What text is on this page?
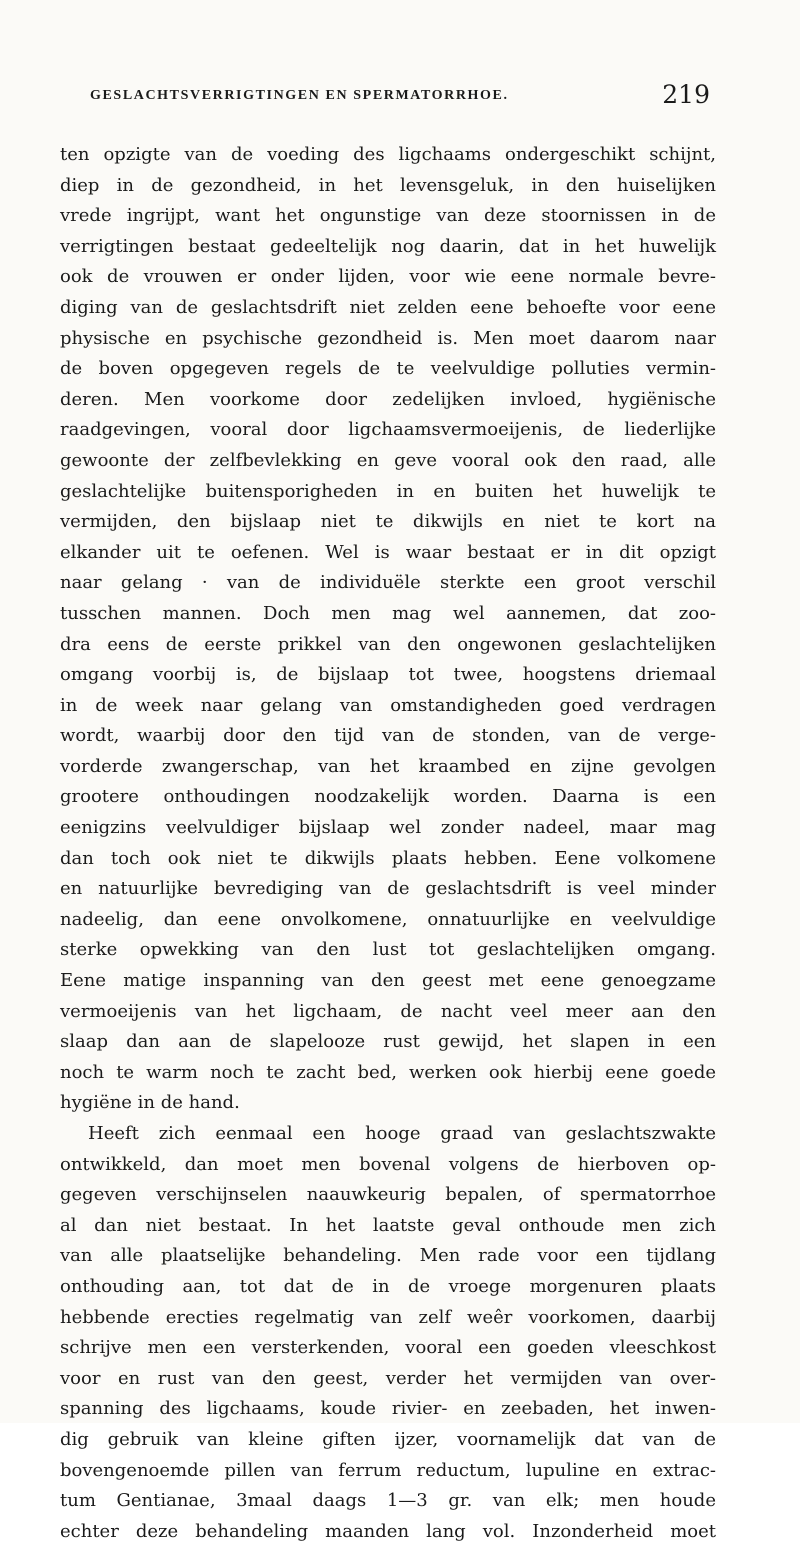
GESLACHTSVERRIGTINGEN EN SPERMATORRHOE.	219
ten opzigte van de voeding des ligchaams ondergeschikt schijnt,
diep in de gezondheid, in het levensgeluk, in den huiselijken
vrede ingrijpt, want het ongunstige van deze stoornissen in de
verrigtingen bestaat gedeeltelijk nog daarin, dat in het huwelijk
ook de vrouwen er onder lijden, voor wie eene normale bevre-
diging van de geslachtsdrift niet zelden eene behoefte voor eene
physische en psychische gezondheid is. Men moet daarom naar
de boven opgegeven regels de te veelvuldige polluties vermin-
deren. Men voorkome door zedelijken invloed, hygiënische
raadgevingen, vooral door ligchaamsvermoeijenis, de liederlijke
gewoonte der zelfbevlekking en geve vooral ook den raad, alle
geslachtelijke buitensporigheden in en buiten het huwelijk te
vermijden, den bijslaap niet te dikwijls en niet te kort na
elkander uit te oefenen. Wel is waar bestaat er in dit opzigt
naar gelang · van de individuële sterkte een groot verschil
tusschen mannen. Doch men mag wel aannemen, dat zoo-
dra eens de eerste prikkel van den ongewonen geslachtelijken
omgang voorbij is, de bijslaap tot twee, hoogstens driemaal
in de week naar gelang van omstandigheden goed verdragen
wordt, waarbij door den tijd van de stonden, van de verge-
vorderde zwangerschap, van het kraambed en zijne gevolgen
grootere onthoudingen noodzakelijk worden. Daarna is een
eenigzins veelvuldiger bijslaap wel zonder nadeel, maar mag
dan toch ook niet te dikwijls plaats hebben. Eene volkomene
en natuurlijke bevrediging van de geslachtsdrift is veel minder
nadeelig, dan eene onvolkomene, onnatuurlijke en veelvuldige
sterke opwekking van den lust tot geslachtelijken omgang.
Eene matige inspanning van den geest met eene genoegzame
vermoeijenis van het ligchaam, de nacht veel meer aan den
slaap dan aan de slapelooze rust gewijd, het slapen in een
noch te warm noch te zacht bed, werken ook hierbij eene goede
hygiëne in de hand.
Heeft zich eenmaal een hooge graad van geslachtszwakte
ontwikkeld, dan moet men bovenal volgens de hierboven op-
gegeven verschijnselen naauwkeurig bepalen, of spermatorrhoe
al dan niet bestaat. In het laatste geval onthoude men zich
van alle plaatselijke behandeling. Men rade voor een tijdlang
onthouding aan, tot dat de in de vroege morgenuren plaats
hebbende erecties regelmatig van zelf weêr voorkomen, daarbij
schrijve men een versterkenden, vooral een goeden vleeschkost
voor en rust van den geest, verder het vermijden van over-
spanning des ligchaams, koude rivier- en zeebaden, het inwen-
dig gebruik van kleine giften ijzer, voornamelijk dat van de
bovengenoemde pillen van ferrum reductum, lupuline en extrac-
tum Gentianae, 3maal daags 1—3 gr. van elk; men houde
echter deze behandeling maanden lang vol. Inzonderheid moet
